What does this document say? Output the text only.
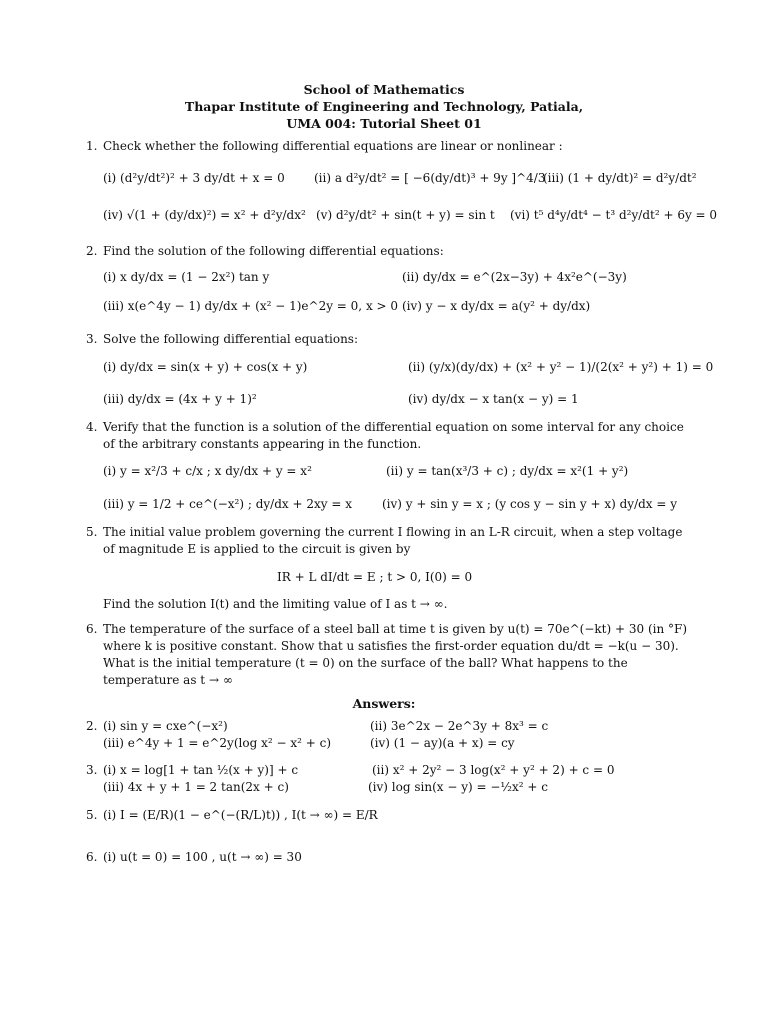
School of Mathematics
Thapar Institute of Engineering and Technology, Patiala,
UMA 004: Tutorial Sheet 01
1. Check whether the following differential equations are linear or nonlinear :
(i) (d²y/dt²)² + 3 dy/dt + x = 0 (ii) a d²y/dt² = [ −6(dy/dt)³ + 9y ]^4/3
(iii) (1 + dy/dt)² = d²y/dt²
(iv) √(1 + (dy/dx)²) = x² + d²y/dx² (v) d²y/dt² + sin(t + y) = sin t (vi) t⁵ d⁴y/dt⁴ − t³ d²y/dt² + 6y = 0
2. Find the solution of the following differential equations:
(i) x dy/dx = (1 − 2x²) tan y	(ii) dy/dx = e^(2x−3y) + 4x²e^(−3y)
(iii) x(e^4y − 1) dy/dx + (x² − 1)e^2y = 0, x > 0 (iv) y − x dy/dx = a(y² + dy/dx)
3. Solve the following differential equations:
(i) dy/dx = sin(x + y) + cos(x + y)	(ii) (y/x)(dy/dx) + (x² + y² − 1)/(2(x² + y²) + 1) = 0
(iii) dy/dx = (4x + y + 1)²	(iv) dy/dx − x tan(x − y) = 1
4. Verify that the function is a solution of the differential equation on some interval for any choice
of the arbitrary constants appearing in the function.
(i) y = x²/3 + c/x ; x dy/dx + y = x²	(ii) y = tan(x³/3 + c) ; dy/dx = x²(1 + y²)
(iii) y = 1/2 + ce^(−x²) ; dy/dx + 2xy = x	(iv) y + sin y = x ; (y cos y − sin y + x) dy/dx = y
5. The initial value problem governing the current I flowing in an L-R circuit, when a step voltage
of magnitude E is applied to the circuit is given by
IR + L dI/dt = E ; t > 0, I(0) = 0
Find the solution I(t) and the limiting value of I as t → ∞.
6. The temperature of the surface of a steel ball at time t is given by u(t) = 70e^(−kt) + 30 (in °F)
where k is positive constant. Show that u satisfies the first-order equation du/dt = −k(u − 30).
What is the initial temperature (t = 0) on the surface of the ball? What happens to the
temperature as t → ∞
Answers:
2. (i) sin y = cxe^(−x²)	(ii) 3e^2x − 2e^3y + 8x³ = c
(iii) e^4y + 1 = e^2y(log x² − x² + c)	(iv) (1 − ay)(a + x) = cy
3. (i) x = log[1 + tan ½(x + y)] + c	(ii) x² + 2y² − 3 log(x² + y² + 2) + c = 0
(iii) 4x + y + 1 = 2 tan(2x + c)	(iv) log sin(x − y) = −½x² + c
5. (i) I = (E/R)(1 − e^(−(R/L)t)) , I(t → ∞) = E/R
6. (i) u(t = 0) = 100 , u(t → ∞) = 30
